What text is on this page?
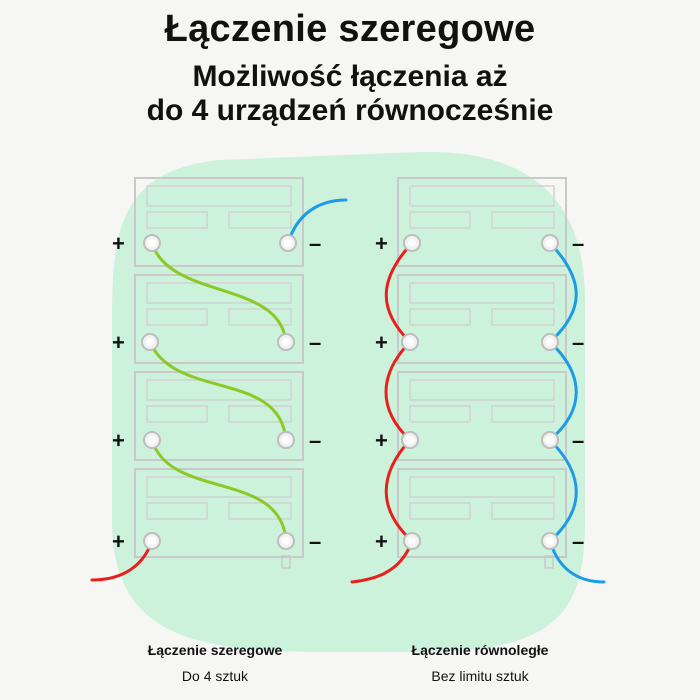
+	–
+	–
+	–
+	–
+	–
+	–
+	–
+	–
Łączenie szeregowe
Możliwość łączenia aż
do 4 urządzeń równocześnie
Łączenie szeregowe
Do 4 sztuk
Łączenie równoległe
Bez limitu sztuk
